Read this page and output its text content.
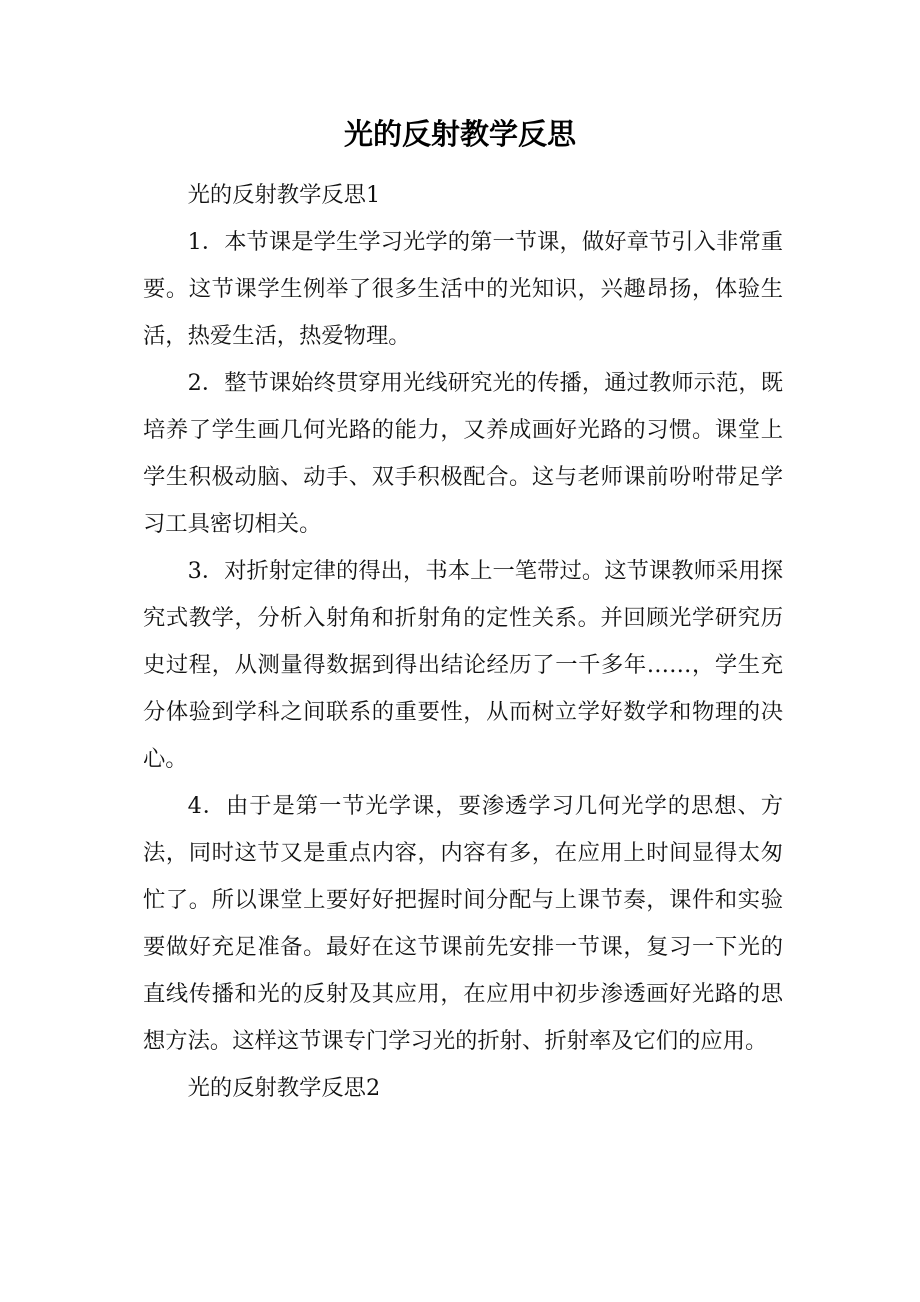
光的反射教学反思

光的反射教学反思1

1．本节课是学生学习光学的第一节课，做好章节引入非常重要。这节课学生例举了很多生活中的光知识，兴趣昂扬，体验生活，热爱生活，热爱物理。

2．整节课始终贯穿用光线研究光的传播，通过教师示范，既培养了学生画几何光路的能力，又养成画好光路的习惯。课堂上学生积极动脑、动手、双手积极配合。这与老师课前吩咐带足学习工具密切相关。

3．对折射定律的得出，书本上一笔带过。这节课教师采用探究式教学，分析入射角和折射角的定性关系。并回顾光学研究历史过程，从测量得数据到得出结论经历了一千多年……，学生充分体验到学科之间联系的重要性，从而树立学好数学和物理的决心。

4．由于是第一节光学课，要渗透学习几何光学的思想、方法，同时这节又是重点内容，内容有多，在应用上时间显得太匆忙了。所以课堂上要好好把握时间分配与上课节奏，课件和实验要做好充足准备。最好在这节课前先安排一节课，复习一下光的直线传播和光的反射及其应用，在应用中初步渗透画好光路的思想方法。这样这节课专门学习光的折射、折射率及它们的应用。

光的反射教学反思2
